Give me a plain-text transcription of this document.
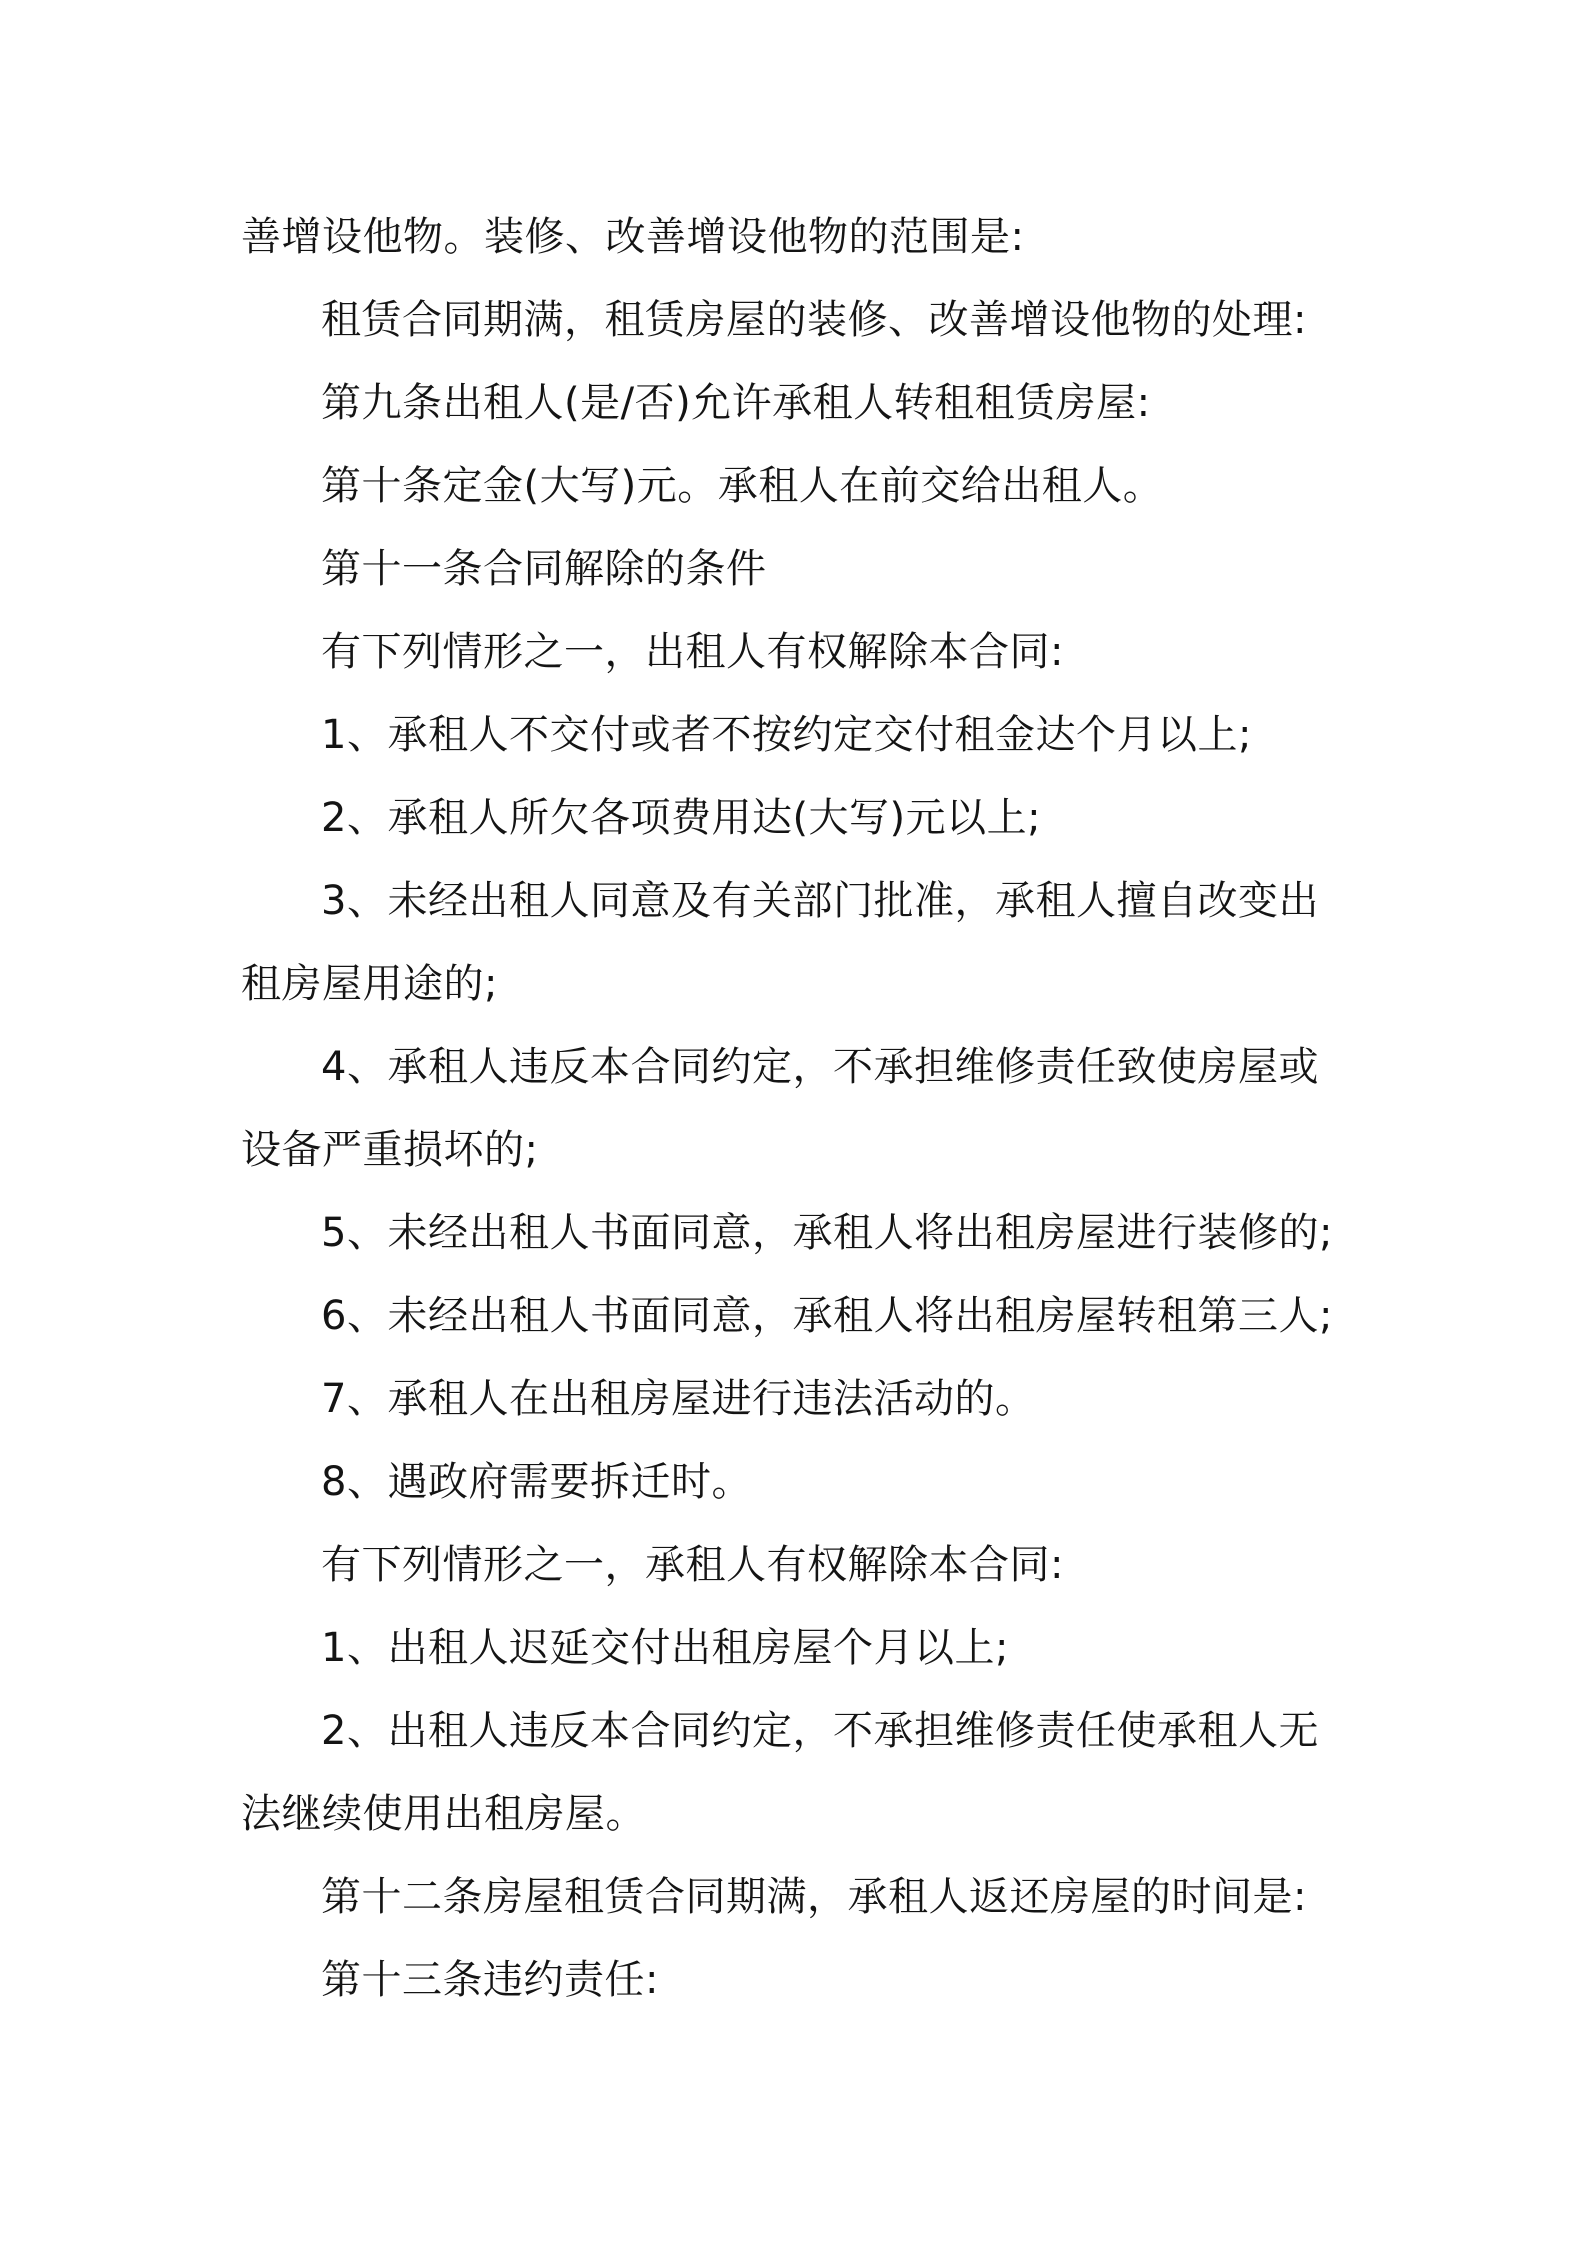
善增设他物。装修、改善增设他物的范围是:

租赁合同期满，租赁房屋的装修、改善增设他物的处理:

第九条出租人(是/否)允许承租人转租租赁房屋:

第十条定金(大写)元。承租人在前交给出租人。

第十一条合同解除的条件

有下列情形之一，出租人有权解除本合同:

1、承租人不交付或者不按约定交付租金达个月以上;

2、承租人所欠各项费用达(大写)元以上;

3、未经出租人同意及有关部门批准，承租人擅自改变出租房屋用途的;

4、承租人违反本合同约定，不承担维修责任致使房屋或设备严重损坏的;

5、未经出租人书面同意，承租人将出租房屋进行装修的;

6、未经出租人书面同意，承租人将出租房屋转租第三人;

7、承租人在出租房屋进行违法活动的。

8、遇政府需要拆迁时。

有下列情形之一，承租人有权解除本合同:

1、出租人迟延交付出租房屋个月以上;

2、出租人违反本合同约定，不承担维修责任使承租人无法继续使用出租房屋。

第十二条房屋租赁合同期满，承租人返还房屋的时间是:

第十三条违约责任:
